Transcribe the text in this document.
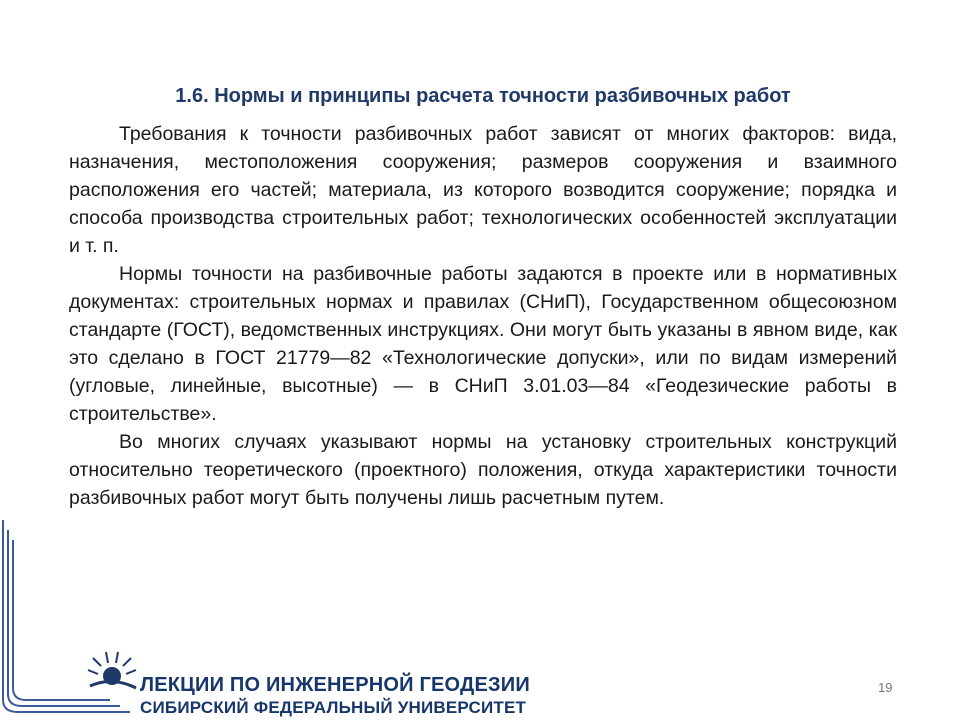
1.6. Нормы и принципы расчета точности разбивочных работ

Требования к точности разбивочных работ зависят от многих факторов: вида, назначения, местоположения сооружения; размеров сооружения и взаимного расположения его частей; материала, из которого возводится сооружение; порядка и способа производства строительных работ; технологических особенностей эксплуатации и т. п.

Нормы точности на разбивочные работы задаются в проекте или в нормативных документах: строительных нормах и правилах (СНиП), Государственном общесоюзном стандарте (ГОСТ), ведомственных инструкциях. Они могут быть указаны в явном виде, как это сделано в ГОСТ 21779—82 «Технологические допуски», или по видам измерений (угловые, линейные, высотные) — в СНиП 3.01.03—84 «Геодезические работы в строительстве».

Во многих случаях указывают нормы на установку строительных конструкций относительно теоретического (проектного) положения, откуда характеристики точности разбивочных работ могут быть получены лишь расчетным путем.

ЛЕКЦИИ ПО ИНЖЕНЕРНОЙ ГЕОДЕЗИИ
СИБИРСКИЙ ФЕДЕРАЛЬНЫЙ УНИВЕРСИТЕТ
19
